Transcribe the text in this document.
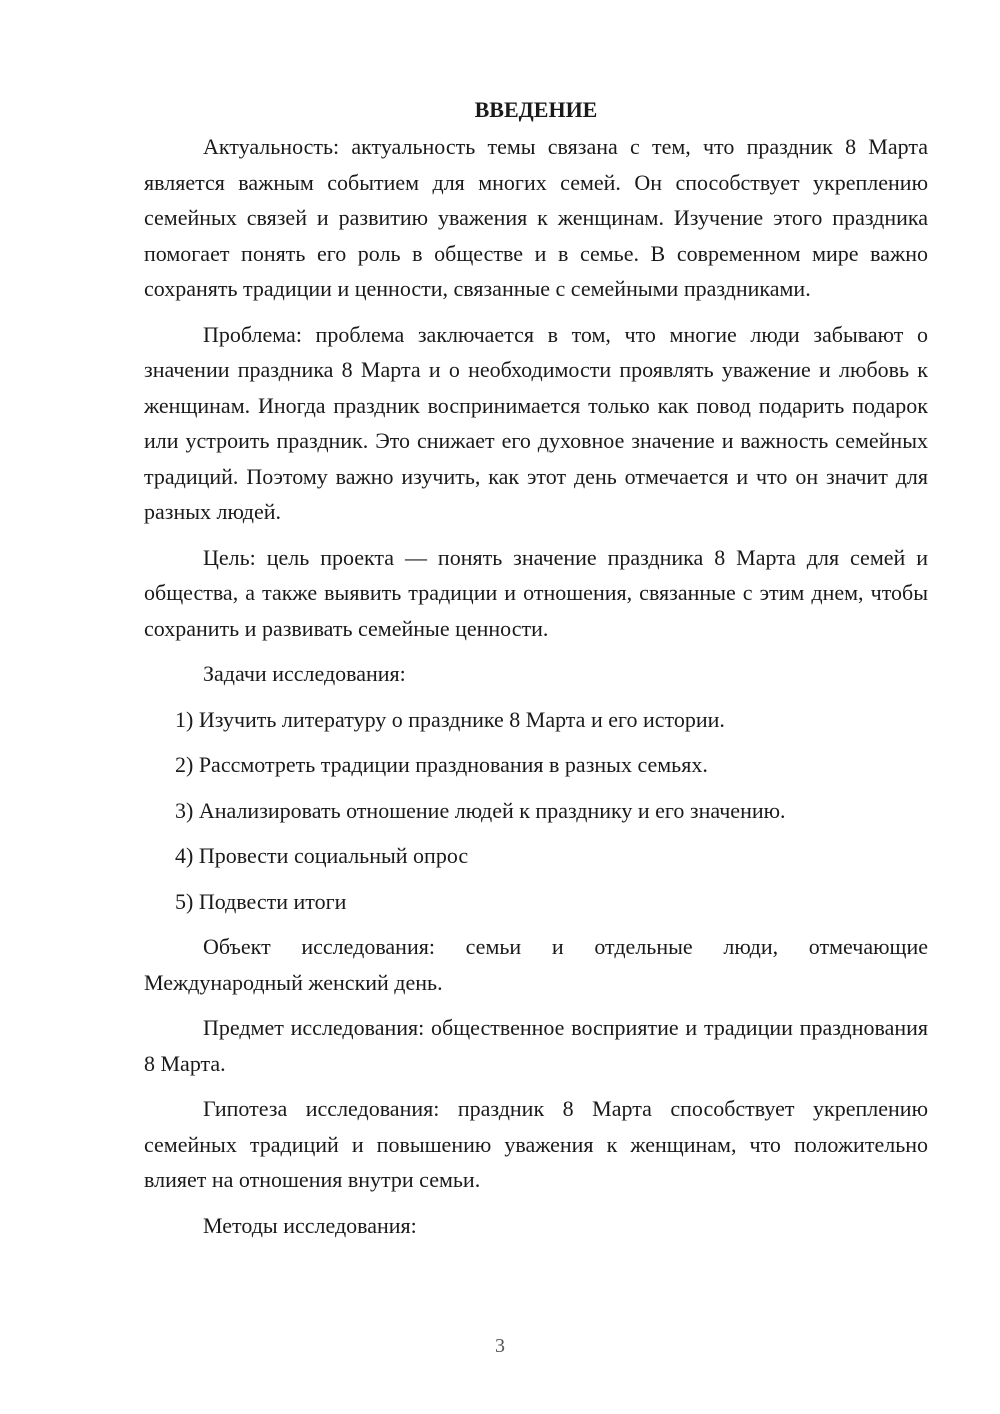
ВВЕДЕНИЕ

Актуальность: актуальность темы связана с тем, что праздник 8 Марта является важным событием для многих семей. Он способствует укреплению семейных связей и развитию уважения к женщинам. Изучение этого праздника помогает понять его роль в обществе и в семье. В современном мире важно сохранять традиции и ценности, связанные с семейными праздниками.

Проблема: проблема заключается в том, что многие люди забывают о значении праздника 8 Марта и о необходимости проявлять уважение и любовь к женщинам. Иногда праздник воспринимается только как повод подарить подарок или устроить праздник. Это снижает его духовное значение и важность семейных традиций. Поэтому важно изучить, как этот день отмечается и что он значит для разных людей.

Цель: цель проекта — понять значение праздника 8 Марта для семей и общества, а также выявить традиции и отношения, связанные с этим днем, чтобы сохранить и развивать семейные ценности.

Задачи исследования:

1) Изучить литературу о празднике 8 Марта и его истории.

2) Рассмотреть традиции празднования в разных семьях.

3) Анализировать отношение людей к празднику и его значению.

4) Провести социальный опрос

5) Подвести итоги

Объект исследования: семьи и отдельные люди, отмечающие Международный женский день.

Предмет исследования: общественное восприятие и традиции празднования 8 Марта.

Гипотеза исследования: праздник 8 Марта способствует укреплению семейных традиций и повышению уважения к женщинам, что положительно влияет на отношения внутри семьи.

Методы исследования:

3
